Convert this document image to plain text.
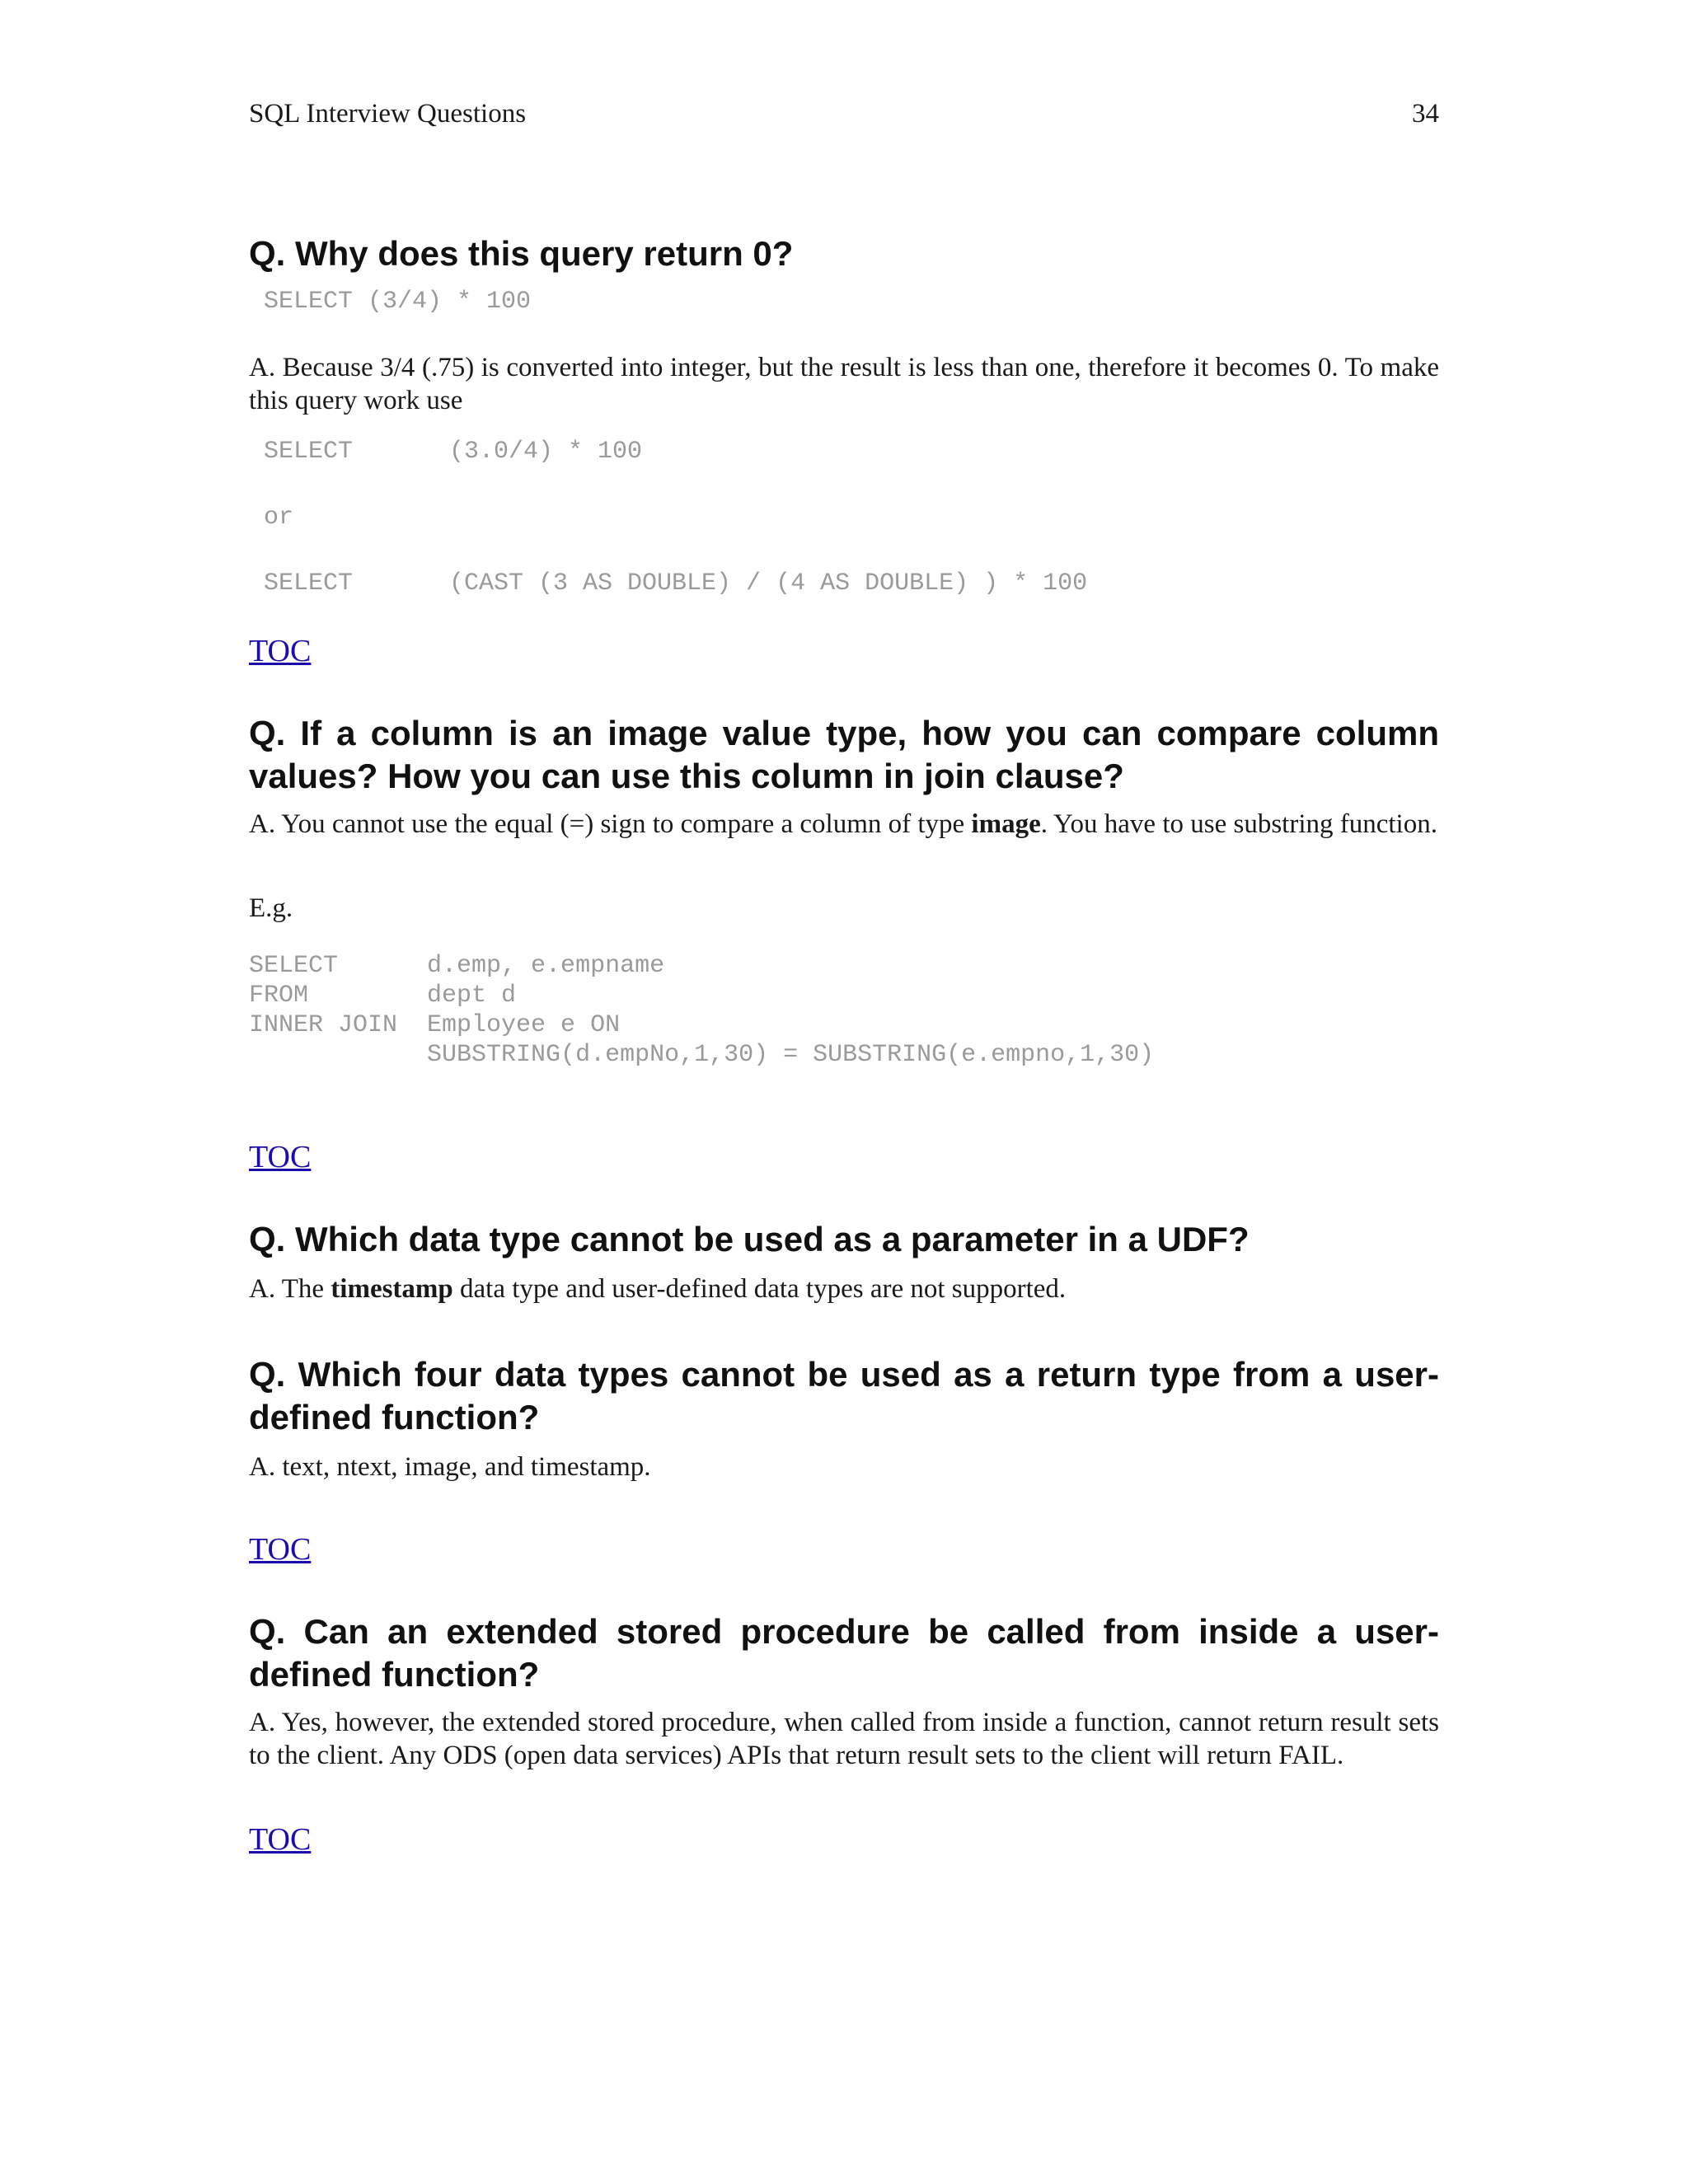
SQL Interview Questions	34
Q. Why does this query return 0?
SELECT (3/4) * 100
A. Because 3/4 (.75) is converted into integer, but the result is less than one, therefore it becomes 0. To make this query work use
SELECT	(3.0/4) * 100
or
SELECT	(CAST (3 AS DOUBLE) / (4 AS DOUBLE) ) * 100
TOC
Q. If a column is an image value type, how you can compare column values? How you can use this column in join clause?
A. You cannot use the equal (=) sign to compare a column of type image. You have to use substring function.
E.g.
SELECT      d.emp, e.empname
FROM        dept d
INNER JOIN  Employee e ON
SUBSTRING(d.empNo,1,30) = SUBSTRING(e.empno,1,30)
TOC
Q. Which data type cannot be used as a parameter in a UDF?
A. The timestamp data type and user-defined data types are not supported.
Q. Which four data types cannot be used as a return type from a user-defined function?
A. text, ntext, image, and timestamp.
TOC
Q. Can an extended stored procedure be called from inside a user-defined function?
A. Yes, however, the extended stored procedure, when called from inside a function, cannot return result sets to the client. Any ODS (open data services) APIs that return result sets to the client will return FAIL.
TOC
